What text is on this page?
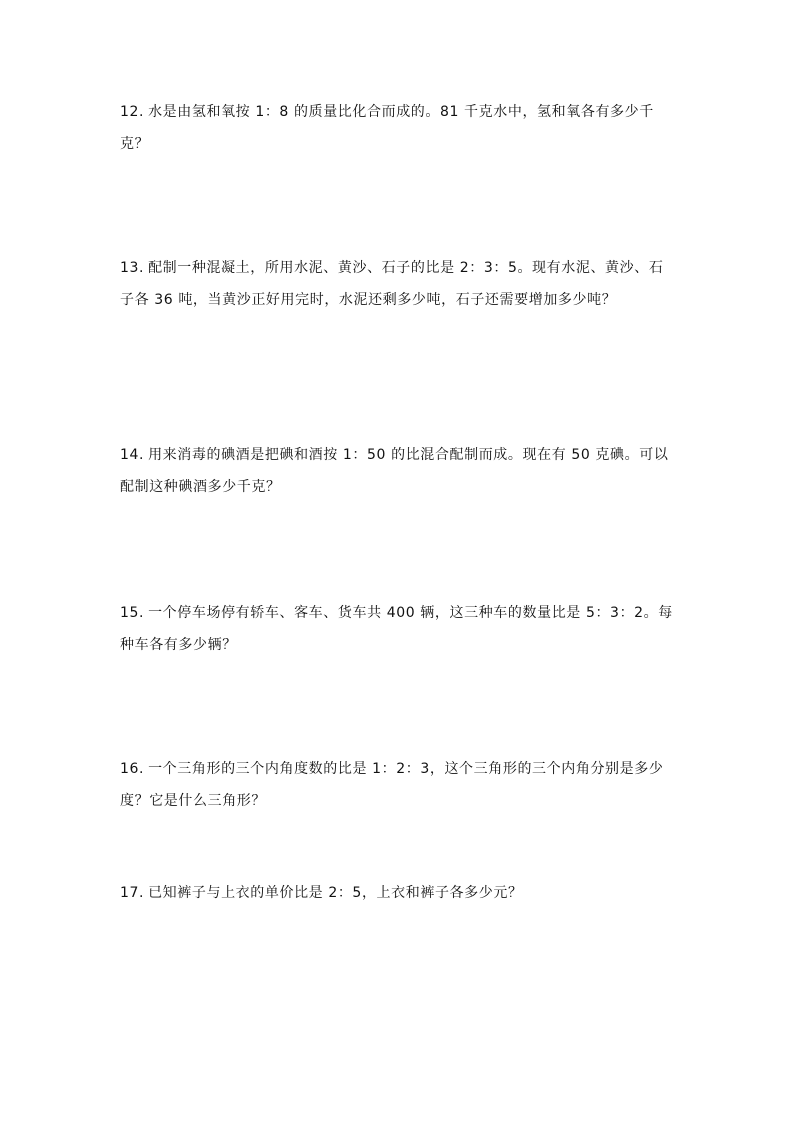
12. 水是由氢和氧按 1：8 的质量比化合而成的。81 千克水中，氢和氧各有多少千克？

13. 配制一种混凝土，所用水泥、黄沙、石子的比是 2：3：5。现有水泥、黄沙、石子各 36 吨，当黄沙正好用完时，水泥还剩多少吨，石子还需要增加多少吨？

14. 用来消毒的碘酒是把碘和酒按 1：50 的比混合配制而成。现在有 50 克碘。可以配制这种碘酒多少千克？

15. 一个停车场停有轿车、客车、货车共 400 辆，这三种车的数量比是 5：3：2。每种车各有多少辆？

16. 一个三角形的三个内角度数的比是 1：2：3，这个三角形的三个内角分别是多少度？它是什么三角形？

17. 已知裤子与上衣的单价比是 2：5，上衣和裤子各多少元？
